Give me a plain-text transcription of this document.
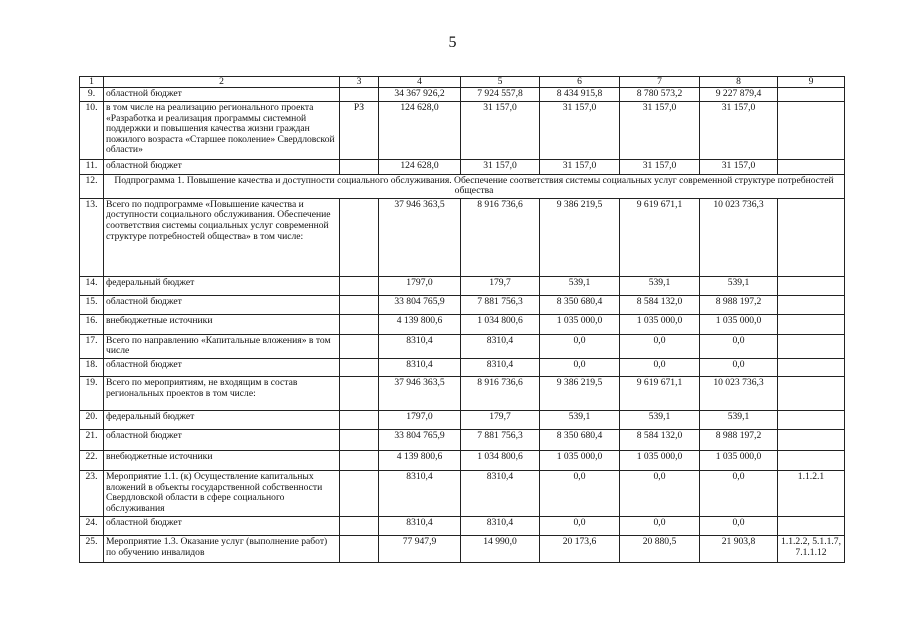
5
1	2	3	4	5	6	7	8	9
9.	областной бюджет		34 367 926,2	7 924 557,8	8 434 915,8	8 780 573,2	9 227 879,4	
10.	в том числе на реализацию регионального проекта «Разработка и реализация программы системной поддержки и повышения качества жизни граждан пожилого возраста «Старшее поколение» Свердловской области»	РЗ	124 628,0	31 157,0	31 157,0	31 157,0	31 157,0	
11.	областной бюджет		124 628,0	31 157,0	31 157,0	31 157,0	31 157,0	
12.	Подпрограмма 1. Повышение качества и доступности социального обслуживания. Обеспечение соответствия системы социальных услуг современной структуре потребностей общества							
13.	Всего по подпрограмме «Повышение качества и доступности социального обслуживания. Обеспечение соответствия системы социальных услуг современной структуре потребностей общества» в том числе:		37 946 363,5	8 916 736,6	9 386 219,5	9 619 671,1	10 023 736,3	
14.	федеральный бюджет		1797,0	179,7	539,1	539,1	539,1	
15.	областной бюджет		33 804 765,9	7 881 756,3	8 350 680,4	8 584 132,0	8 988 197,2	
16.	внебюджетные источники		4 139 800,6	1 034 800,6	1 035 000,0	1 035 000,0	1 035 000,0	
17.	Всего по направлению «Капитальные вложения» в том числе		8310,4	8310,4	0,0	0,0	0,0	
18.	областной бюджет		8310,4	8310,4	0,0	0,0	0,0	
19.	Всего по мероприятиям, не входящим в состав региональных проектов в том числе:		37 946 363,5	8 916 736,6	9 386 219,5	9 619 671,1	10 023 736,3	
20.	федеральный бюджет		1797,0	179,7	539,1	539,1	539,1	
21.	областной бюджет		33 804 765,9	7 881 756,3	8 350 680,4	8 584 132,0	8 988 197,2	
22.	внебюджетные источники		4 139 800,6	1 034 800,6	1 035 000,0	1 035 000,0	1 035 000,0	
23.	Мероприятие 1.1. (к) Осуществление капитальных вложений в объекты государственной собственности Свердловской области в сфере социального обслуживания		8310,4	8310,4	0,0	0,0	0,0	1.1.2.1
24.	областной бюджет		8310,4	8310,4	0,0	0,0	0,0	
25.	Мероприятие 1.3. Оказание услуг (выполнение работ) по обучению инвалидов		77 947,9	14 990,0	20 173,6	20 880,5	21 903,8	1.1.2.2, 5.1.1.7, 7.1.1.12
